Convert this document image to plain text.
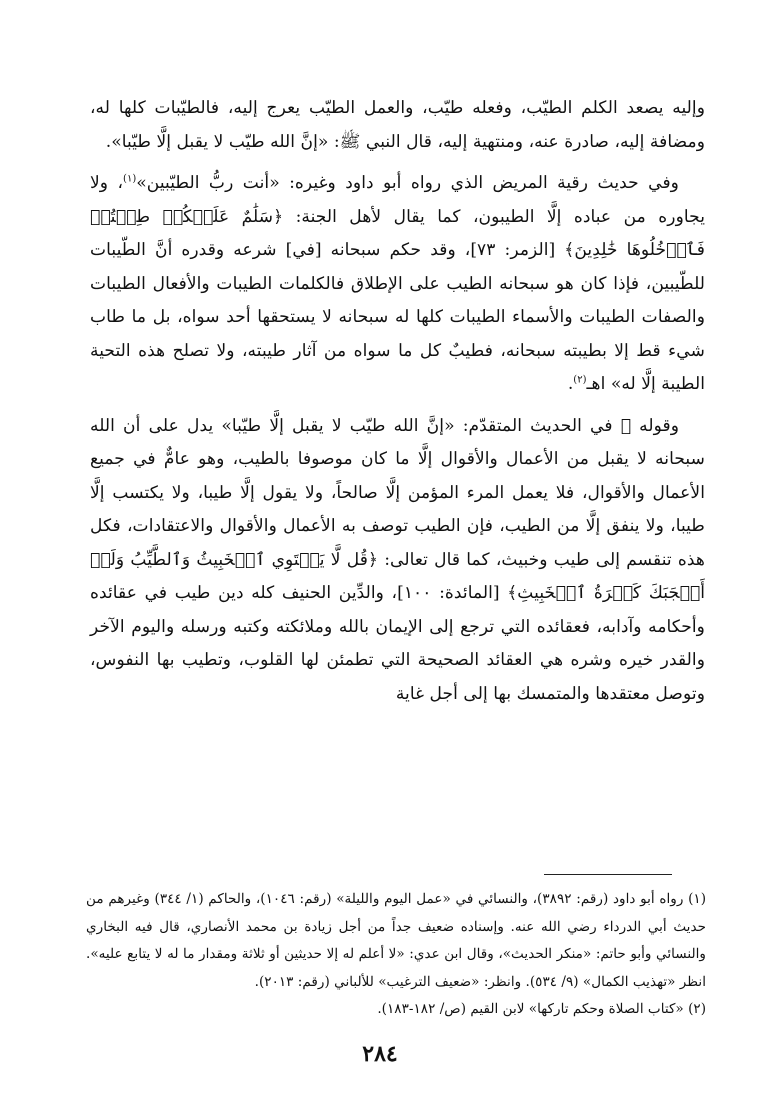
وإليه يصعد الكلم الطيّب، وفعله طيّب، والعمل الطيّب يعرج إليه، فالطيّبات كلها له، ومضافة إليه، صادرة عنه، ومنتهية إليه، قال النبي ﷺ: «إنَّ الله طيّب لا يقبل إلَّا طيّبا».

وفي حديث رقية المريض الذي رواه أبو داود وغيره: «أنت ربُّ الطيّبين»$^{(١)}$، ولا يجاوره من عباده إلَّا الطيبون، كما يقال لأهل الجنة: ﴿سَلَٰمٌ عَلَيۡكُمۡ طِبۡتُمۡ فَٱدۡخُلُوهَا خَٰلِدِينَ﴾ [الزمر: ٧٣]، وقد حكم سبحانه [في] شرعه وقدره أنَّ الطّيبات للطّيبين، فإذا كان هو سبحانه الطيب على الإطلاق فالكلمات الطيبات والأفعال الطيبات والصفات الطيبات والأسماء الطيبات كلها له سبحانه لا يستحقها أحد سواه، بل ما طاب شيء قط إلا بطيبته سبحانه، فطيبٌ كل ما سواه من آثار طيبته، ولا تصلح هذه التحية الطيبة إلَّا له» اهـ$^{(٢)}$.

وقوله ﷺ في الحديث المتقدّم: «إنَّ الله طيّب لا يقبل إلَّا طيّبا» يدل على أن الله سبحانه لا يقبل من الأعمال والأقوال إلَّا ما كان موصوفا بالطيب، وهو عامٌّ في جميع الأعمال والأقوال، فلا يعمل المرء المؤمن إلَّا صالحاً، ولا يقول إلَّا طيبا، ولا يكتسب إلَّا طيبا، ولا ينفق إلَّا من الطيب، فإن الطيب توصف به الأعمال والأقوال والاعتقادات، فكل هذه تنقسم إلى طيب وخبيث، كما قال تعالى: ﴿قُل لَّا يَسۡتَوِي ٱلۡخَبِيثُ وَٱلطَّيِّبُ وَلَوۡ أَعۡجَبَكَ كَثۡرَةُ ٱلۡخَبِيثِ﴾ [المائدة: ١٠٠]، والدِّين الحنيف كله دين طيب في عقائده وأحكامه وآدابه، فعقائده التي ترجع إلى الإيمان بالله وملائكته وكتبه ورسله واليوم الآخر والقدر خيره وشره هي العقائد الصحيحة التي تطمئن لها القلوب، وتطيب بها النفوس، وتوصل معتقدها والمتمسك بها إلى أجل غاية

(١) رواه أبو داود (رقم: ٣٨٩٢)، والنسائي في «عمل اليوم والليلة» (رقم: ١٠٤٦)، والحاكم (١/ ٣٤٤) وغيرهم من حديث أبي الدرداء رضي الله عنه. وإسناده ضعيف جداً من أجل زيادة بن محمد الأنصاري، قال فيه البخاري والنسائي وأبو حاتم: «منكر الحديث»، وقال ابن عدي: «لا أعلم له إلا حديثين أو ثلاثة ومقدار ما له لا يتابع عليه». انظر «تهذيب الكمال» (٩/ ٥٣٤). وانظر: «ضعيف الترغيب» للألباني (رقم: ٢٠١٣).

(٢) «كتاب الصلاة وحكم تاركها» لابن القيم (ص/ ١٨٢-١٨٣).

٢٨٤
